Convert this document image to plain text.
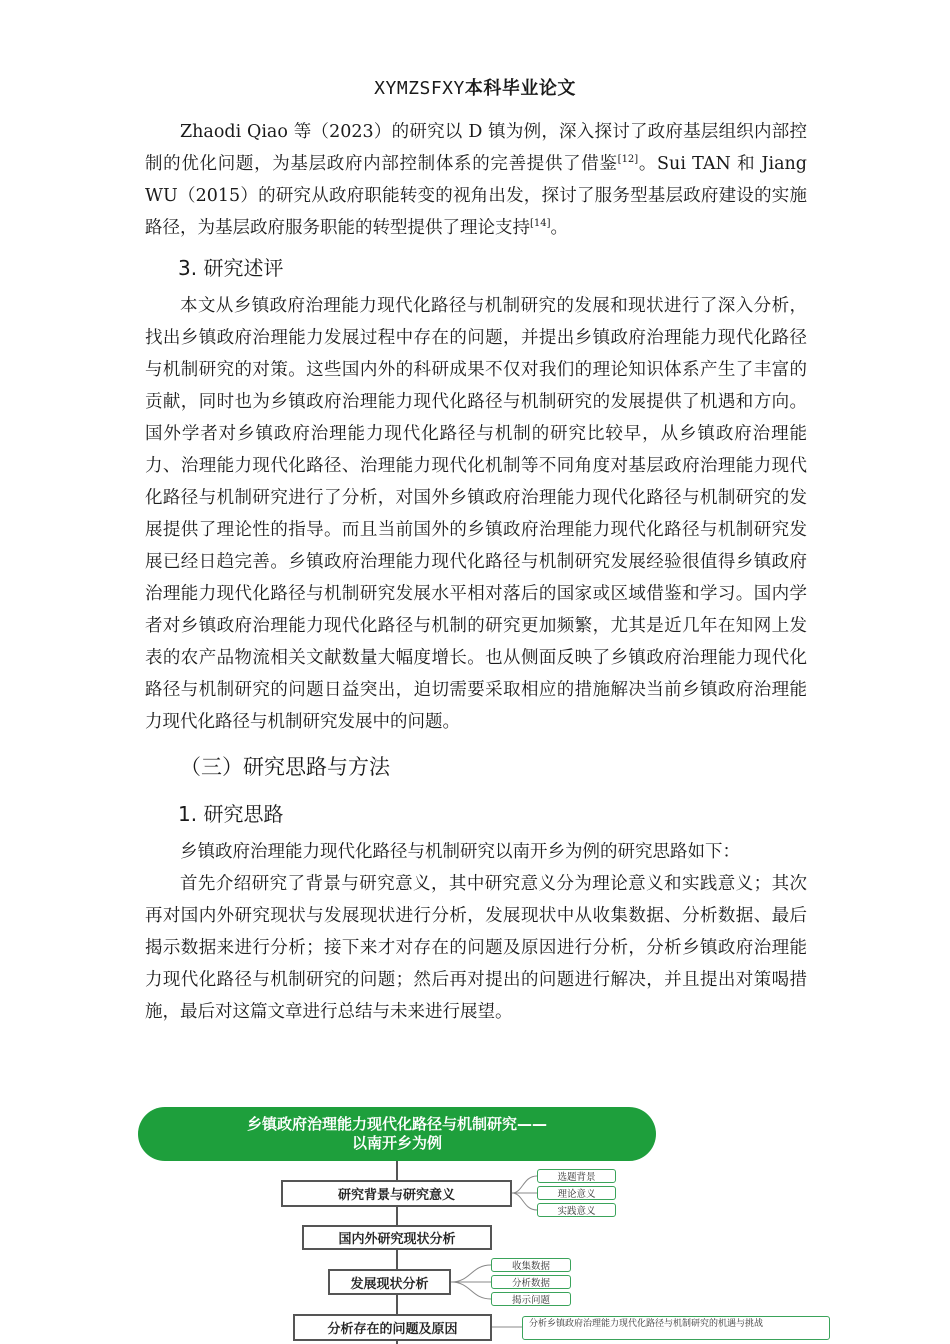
XYMZSFXY本科毕业论文

Zhaodi Qiao 等（2023）的研究以 D 镇为例，深入探讨了政府基层组织内部控制的优化问题，为基层政府内部控制体系的完善提供了借鉴[12]。Sui TAN 和 Jiang WU（2015）的研究从政府职能转变的视角出发，探讨了服务型基层政府建设的实施路径，为基层政府服务职能的转型提供了理论支持[14]。

3. 研究述评

本文从乡镇政府治理能力现代化路径与机制研究的发展和现状进行了深入分析，找出乡镇政府治理能力发展过程中存在的问题，并提出乡镇政府治理能力现代化路径与机制研究的对策。这些国内外的科研成果不仅对我们的理论知识体系产生了丰富的贡献，同时也为乡镇政府治理能力现代化路径与机制研究的发展提供了机遇和方向。国外学者对乡镇政府治理能力现代化路径与机制的研究比较早，从乡镇政府治理能力、治理能力现代化路径、治理能力现代化机制等不同角度对基层政府治理能力现代化路径与机制研究进行了分析，对国外乡镇政府治理能力现代化路径与机制研究的发展提供了理论性的指导。而且当前国外的乡镇政府治理能力现代化路径与机制研究发展已经日趋完善。乡镇政府治理能力现代化路径与机制研究发展经验很值得乡镇政府治理能力现代化路径与机制研究发展水平相对落后的国家或区域借鉴和学习。国内学者对乡镇政府治理能力现代化路径与机制的研究更加频繁，尤其是近几年在知网上发表的农产品物流相关文献数量大幅度增长。也从侧面反映了乡镇政府治理能力现代化路径与机制研究的问题日益突出，迫切需要采取相应的措施解决当前乡镇政府治理能力现代化路径与机制研究发展中的问题。

（三）研究思路与方法
1. 研究思路

乡镇政府治理能力现代化路径与机制研究以南开乡为例的研究思路如下：

首先介绍研究了背景与研究意义，其中研究意义分为理论意义和实践意义；其次再对国内外研究现状与发展现状进行分析，发展现状中从收集数据、分析数据、最后揭示数据来进行分析；接下来才对存在的问题及原因进行分析，分析乡镇政府治理能力现代化路径与机制研究的问题；然后再对提出的问题进行解决，并且提出对策喝措施，最后对这篇文章进行总结与未来进行展望。

乡镇政府治理能力现代化路径与机制研究——
以南开乡为例
研究背景与研究意义
国内外研究现状分析
发展现状分析
分析存在的问题及原因
选题背景
理论意义
实践意义
收集数据
分析数据
揭示问题
分析乡镇政府治理能力现代化路径与机制研究的机遇与挑战
